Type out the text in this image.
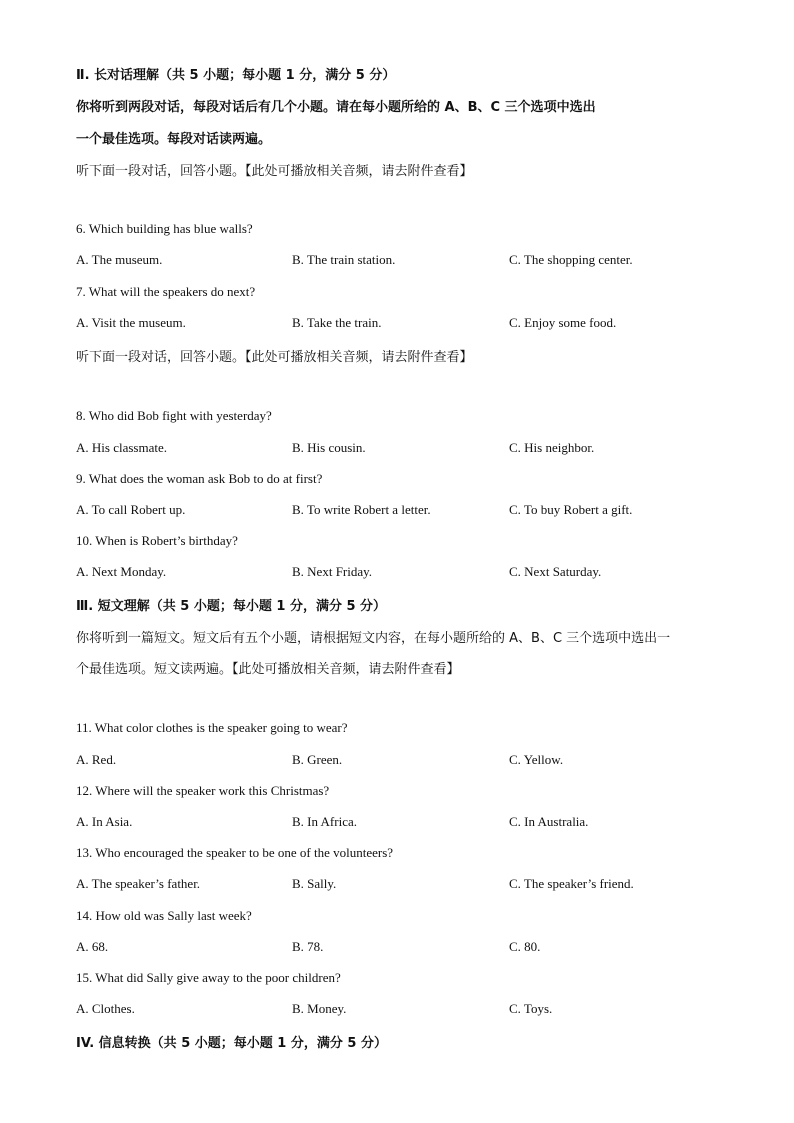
Ⅱ. 长对话理解（共 5 小题；每小题 1 分，满分 5 分）
你将听到两段对话，每段对话后有几个小题。请在每小题所给的 A、B、C 三个选项中选出
一个最佳选项。每段对话读两遍。
听下面一段对话，回答小题。【此处可播放相关音频，请去附件查看】
6. Which building has blue walls?
A. The museum.	B. The train station.	C. The shopping center.
7. What will the speakers do next?
A. Visit the museum.	B. Take the train.	C. Enjoy some food.
听下面一段对话，回答小题。【此处可播放相关音频，请去附件查看】
8. Who did Bob fight with yesterday?
A. His classmate.	B. His cousin.	C. His neighbor.
9. What does the woman ask Bob to do at first?
A. To call Robert up.	B. To write Robert a letter.	C. To buy Robert a gift.
10. When is Robert’s birthday?
A. Next Monday.	B. Next Friday.	C. Next Saturday.
Ⅲ. 短文理解（共 5 小题；每小题 1 分，满分 5 分）
你将听到一篇短文。短文后有五个小题，请根据短文内容，在每小题所给的 A、B、C 三个选项中选出一
个最佳选项。短文读两遍。【此处可播放相关音频，请去附件查看】
11. What color clothes is the speaker going to wear?
A. Red.	B. Green.	C. Yellow.
12. Where will the speaker work this Christmas?
A. In Asia.	B. In Africa.	C. In Australia.
13. Who encouraged the speaker to be one of the volunteers?
A. The speaker’s father.	B. Sally.	C. The speaker’s friend.
14. How old was Sally last week?
A. 68.	B. 78.	C. 80.
15. What did Sally give away to the poor children?
A. Clothes.	B. Money.	C. Toys.
IV. 信息转换（共 5 小题；每小题 1 分，满分 5 分）
